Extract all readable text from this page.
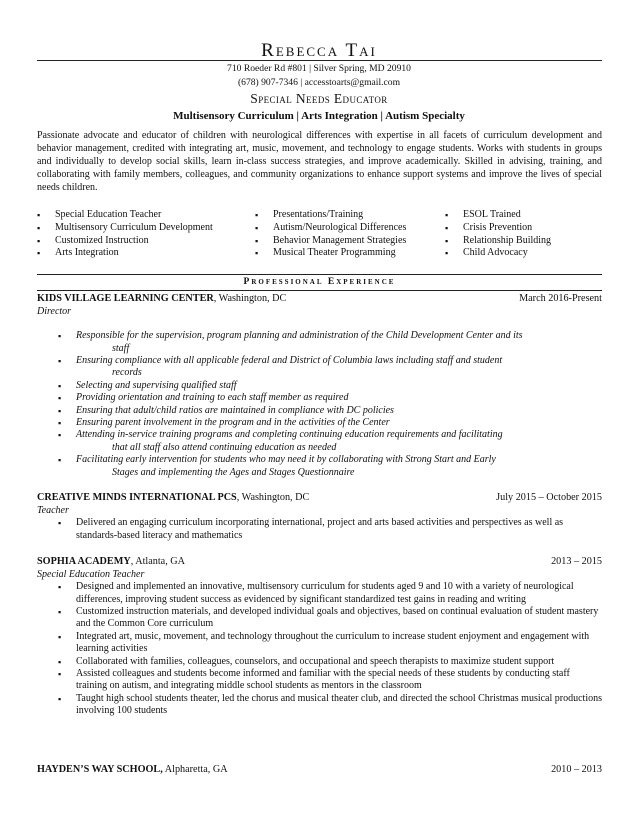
Rebecca Tai
710 Roeder Rd #801 | Silver Spring, MD 20910
(678) 907-7346 | accesstoarts@gmail.com
Special Needs Educator
Multisensory Curriculum | Arts Integration | Autism Specialty
Passionate advocate and educator of children with neurological differences with expertise in all facets of curriculum development and behavior management, credited with integrating art, music, movement, and technology to engage students. Works with students in groups and individually to develop social skills, learn in-class success strategies, and improve academically. Skilled in advising, training, and collaborating with family members, colleagues, and community organizations to enhance support systems and improve the lives of special needs children.
▪ Special Education Teacher
▪ Multisensory Curriculum Development
▪ Customized Instruction
▪ Arts Integration
▪ Presentations/Training
▪ Autism/Neurological Differences
▪ Behavior Management Strategies
▪ Musical Theater Programming
▪ ESOL Trained
▪ Crisis Prevention
▪ Relationship Building
▪ Child Advocacy
Professional Experience
KIDS VILLAGE LEARNING CENTER, Washington, DC	March 2016-Present
Director
▪ Responsible for the supervision, program planning and administration of the Child Development Center and its
staff
▪ Ensuring compliance with all applicable federal and District of Columbia laws including staff and student
records
▪ Selecting and supervising qualified staff
▪ Providing orientation and training to each staff member as required
▪ Ensuring that adult/child ratios are maintained in compliance with DC policies
▪ Ensuring parent involvement in the program and in the activities of the Center
▪ Attending in-service training programs and completing continuing education requirements and facilitating
that all staff also attend continuing education as needed
▪ Facilitating early intervention for students who may need it by collaborating with Strong Start and Early
Stages and implementing the Ages and Stages Questionnaire
CREATIVE MINDS INTERNATIONAL PCS, Washington, DC	July 2015 – October 2015
Teacher
▪ Delivered an engaging curriculum incorporating international, project and arts based activities and perspectives as well as standards-based literacy and mathematics
SOPHIA ACADEMY, Atlanta, GA	2013 – 2015
Special Education Teacher
▪ Designed and implemented an innovative, multisensory curriculum for students aged 9 and 10 with a variety of neurological differences, improving student success as evidenced by significant standardized test gains in reading and writing
▪ Customized instruction materials, and developed individual goals and objectives, based on continual evaluation of student mastery and the Common Core curriculum
▪ Integrated art, music, movement, and technology throughout the curriculum to increase student enjoyment and engagement with learning activities
▪ Collaborated with families, colleagues, counselors, and occupational and speech therapists to maximize student support
▪ Assisted colleagues and students become informed and familiar with the special needs of these students by conducting staff training on autism, and integrating middle school students as mentors in the classroom
▪ Taught high school students theater, led the chorus and musical theater club, and directed the school Christmas musical productions involving 100 students
HAYDEN’S WAY SCHOOL, Alpharetta, GA	2010 – 2013
